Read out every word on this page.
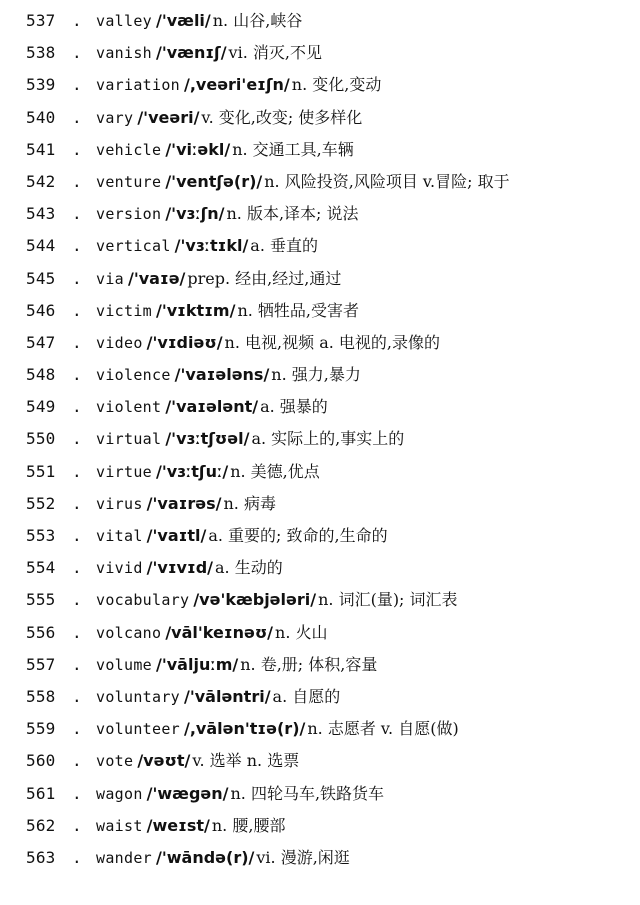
537	. valley /'væli/ n. 山谷,峡谷
538	. vanish /'vænɪʃ/ vi. 消灭,不见
539	. variation /,veəri'eɪʃn/ n. 变化,变动
540	. vary /'veəri/ v. 变化,改变; 使多样化
541	. vehicle /'viːəkl/ n. 交通工具,车辆
542	. venture /'ventʃə(r)/ n. 风险投资,风险项目 v.冒险; 取于
543	. version /'vɜːʃn/ n. 版本,译本; 说法
544	. vertical /'vɜːtɪkl/ a. 垂直的
545	. via /'vaɪə/ prep. 经由,经过,通过
546	. victim /'vɪktɪm/ n. 牺牲品,受害者
547	. video /'vɪdiəʊ/ n. 电视,视频 a. 电视的,录像的
548	. violence /'vaɪələns/ n. 强力,暴力
549	. violent /'vaɪələnt/ a. 强暴的
550	. virtual /'vɜːtʃʊəl/ a. 实际上的,事实上的
551	. virtue /'vɜːtʃuː/ n. 美德,优点
552	. virus /'vaɪrəs/ n. 病毒
553	. vital /'vaɪtl/ a. 重要的; 致命的,生命的
554	. vivid /'vɪvɪd/ a. 生动的
555	. vocabulary /və'kæbjələri/ n. 词汇(量); 词汇表
556	. volcano /vāl'keɪnəʊ/ n. 火山
557	. volume /'vāljuːm/ n. 卷,册; 体积,容量
558	. voluntary /'vāləntri/ a. 自愿的
559	. volunteer /,vālən'tɪə(r)/ n. 志愿者 v. 自愿(做)
560	. vote /vəʊt/ v. 选举 n. 选票
561	. wagon /'wægən/ n. 四轮马车,铁路货车
562	. waist /weɪst/ n. 腰,腰部
563	. wander /'wāndə(r)/ vi. 漫游,闲逛
